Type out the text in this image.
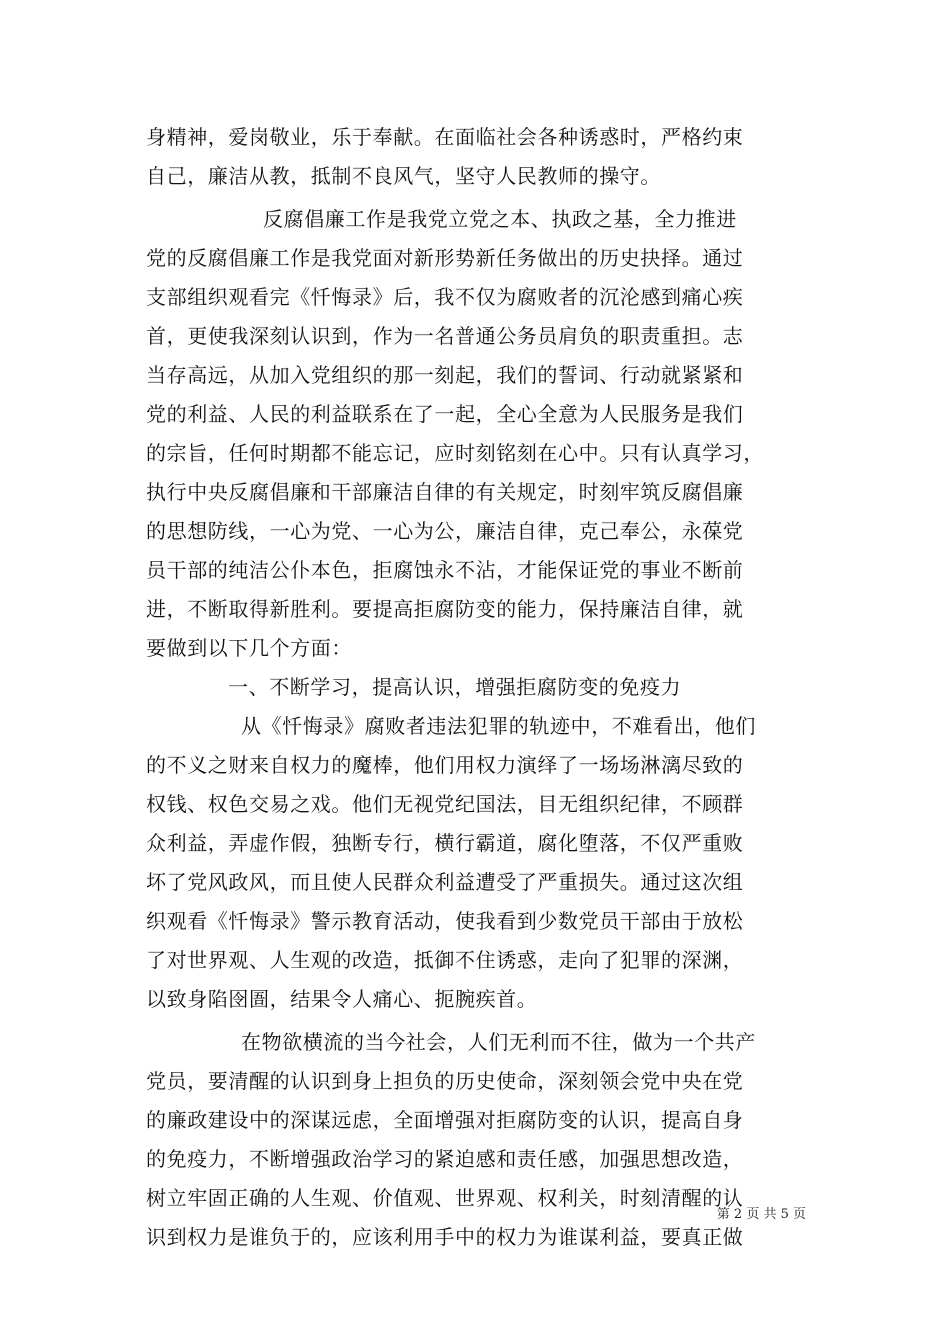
身精神，爱岗敬业，乐于奉献。在面临社会各种诱惑时，严格约束
自己，廉洁从教，抵制不良风气，坚守人民教师的操守。
反腐倡廉工作是我党立党之本、执政之基，全力推进
党的反腐倡廉工作是我党面对新形势新任务做出的历史抉择。通过
支部组织观看完《忏悔录》后，我不仅为腐败者的沉沦感到痛心疾
首，更使我深刻认识到，作为一名普通公务员肩负的职责重担。志
当存高远，从加入党组织的那一刻起，我们的誓词、行动就紧紧和
党的利益、人民的利益联系在了一起，全心全意为人民服务是我们
的宗旨，任何时期都不能忘记，应时刻铭刻在心中。只有认真学习，
执行中央反腐倡廉和干部廉洁自律的有关规定，时刻牢筑反腐倡廉
的思想防线，一心为党、一心为公，廉洁自律，克己奉公，永葆党
员干部的纯洁公仆本色，拒腐蚀永不沾，才能保证党的事业不断前
进，不断取得新胜利。要提高拒腐防变的能力，保持廉洁自律，就
要做到以下几个方面：
一、不断学习，提高认识，增强拒腐防变的免疫力
从《忏悔录》腐败者违法犯罪的轨迹中，不难看出，他们
的不义之财来自权力的魔棒，他们用权力演绎了一场场淋漓尽致的
权钱、权色交易之戏。他们无视党纪国法，目无组织纪律，不顾群
众利益，弄虚作假，独断专行，横行霸道，腐化堕落，不仅严重败
坏了党风政风，而且使人民群众利益遭受了严重损失。通过这次组
织观看《忏悔录》警示教育活动，使我看到少数党员干部由于放松
了对世界观、人生观的改造，抵御不住诱惑，走向了犯罪的深渊，
以致身陷囹圄，结果令人痛心、扼腕疾首。
在物欲横流的当今社会，人们无利而不往，做为一个共产
党员，要清醒的认识到身上担负的历史使命，深刻领会党中央在党
的廉政建设中的深谋远虑，全面增强对拒腐防变的认识，提高自身
的免疫力，不断增强政治学习的紧迫感和责任感，加强思想改造，
树立牢固正确的人生观、价值观、世界观、权利关，时刻清醒的认
识到权力是谁负于的，应该利用手中的权力为谁谋利益，要真正做
第 2 页 共 5 页
